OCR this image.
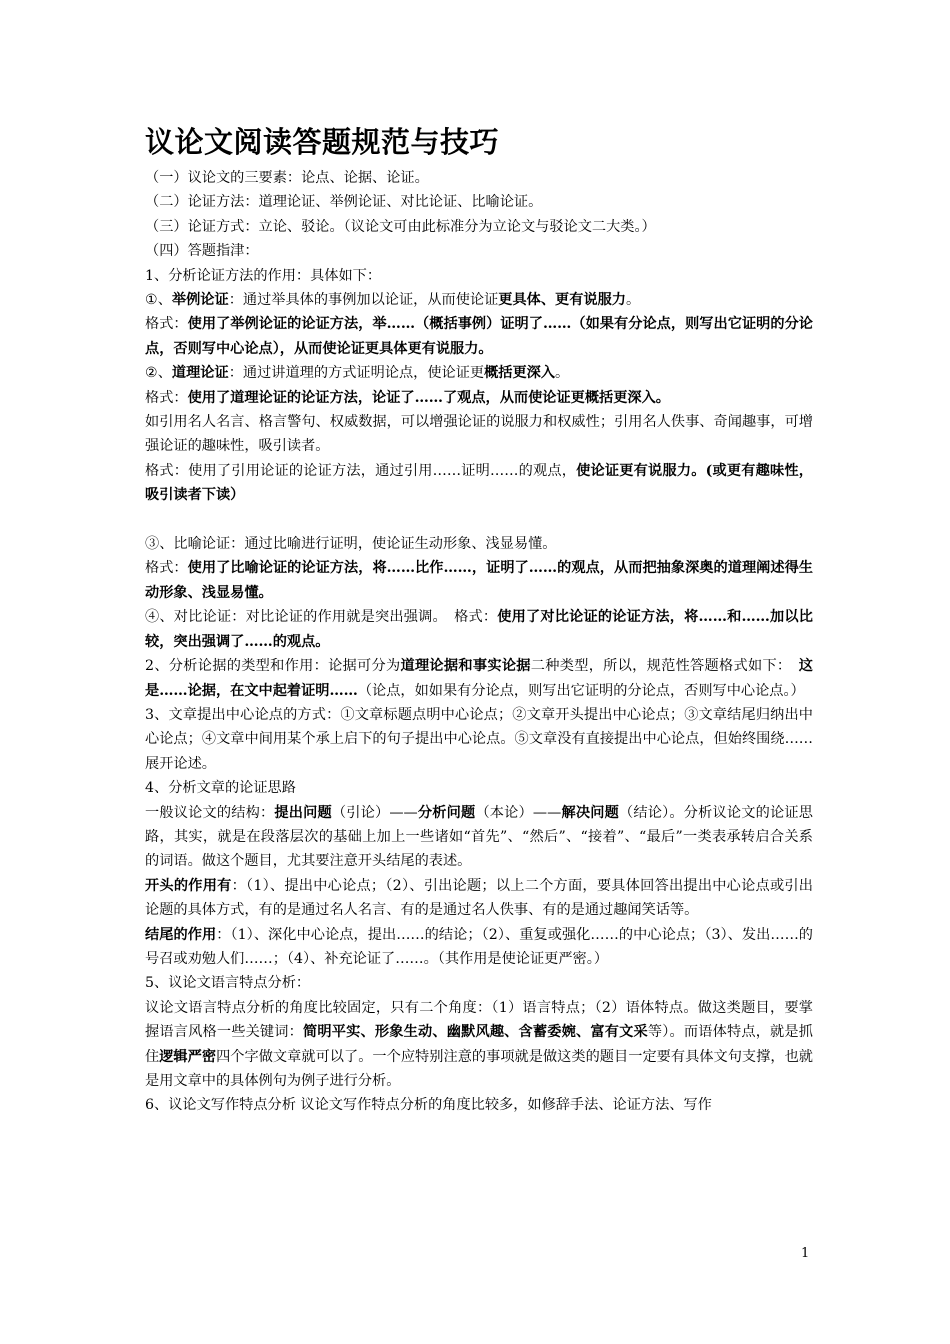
议论文阅读答题规范与技巧

（一）议论文的三要素：论点、论据、论证。

（二）论证方法：道理论证、举例论证、对比论证、比喻论证。

（三）论证方式：立论、驳论。（议论文可由此标准分为立论文与驳论文二大类。）

（四）答题指津：

1、分析论证方法的作用：具体如下：

①、举例论证：通过举具体的事例加以论证，从而使论证更具体、更有说服力。

格式：使用了举例论证的论证方法，举……（概括事例）证明了……（如果有分论点，则写出它证明的分论点，否则写中心论点），从而使论证更具体更有说服力。

②、道理论证：通过讲道理的方式证明论点，使论证更概括更深入。

格式：使用了道理论证的论证方法，论证了……了观点，从而使论证更概括更深入。

如引用名人名言、格言警句、权威数据，可以增强论证的说服力和权威性；引用名人佚事、奇闻趣事，可增强论证的趣味性，吸引读者。

格式：使用了引用论证的论证方法，通过引用……证明……的观点，使论证更有说服力。(或更有趣味性，吸引读者下读）

③、比喻论证：通过比喻进行证明，使论证生动形象、浅显易懂。

格式：使用了比喻论证的论证方法，将……比作……，证明了……的观点，从而把抽象深奥的道理阐述得生动形象、浅显易懂。

④、对比论证：对比论证的作用就是突出强调。　格式：使用了对比论证的论证方法，将……和……加以比较，突出强调了……的观点。

2、分析论据的类型和作用：论据可分为道理论据和事实论据二种类型，所以，规范性答题格式如下：　这是……论据，在文中起着证明……（论点，如如果有分论点，则写出它证明的分论点，否则写中心论点。）

3、文章提出中心论点的方式：①文章标题点明中心论点；②文章开头提出中心论点；③文章结尾归纳出中心论点；④文章中间用某个承上启下的句子提出中心论点。⑤文章没有直接提出中心论点，但始终围绕……展开论述。

4、分析文章的论证思路

一般议论文的结构：提出问题（引论）——分析问题（本论）——解决问题（结论）。分析议论文的论证思路，其实，就是在段落层次的基础上加上一些诸如“首先”、“然后”、“接着”、“最后”一类表承转启合关系的词语。做这个题目，尤其要注意开头结尾的表述。

开头的作用有：（1）、提出中心论点；（2）、引出论题；以上二个方面，要具体回答出提出中心论点或引出论题的具体方式，有的是通过名人名言、有的是通过名人佚事、有的是通过趣闻笑话等。

结尾的作用：（1）、深化中心论点，提出……的结论；（2）、重复或强化……的中心论点；（3）、发出……的号召或劝勉人们……；（4）、补充论证了……。（其作用是使论证更严密。）

5、议论文语言特点分析：

议论文语言特点分析的角度比较固定，只有二个角度：（1）语言特点；（2）语体特点。做这类题目，要掌握语言风格一些关键词：简明平实、形象生动、幽默风趣、含蓄委婉、富有文采等）。而语体特点，就是抓住逻辑严密四个字做文章就可以了。一个应特别注意的事项就是做这类的题目一定要有具体文句支撑，也就是用文章中的具体例句为例子进行分析。

6、议论文写作特点分析 议论文写作特点分析的角度比较多，如修辞手法、论证方法、写作

1
